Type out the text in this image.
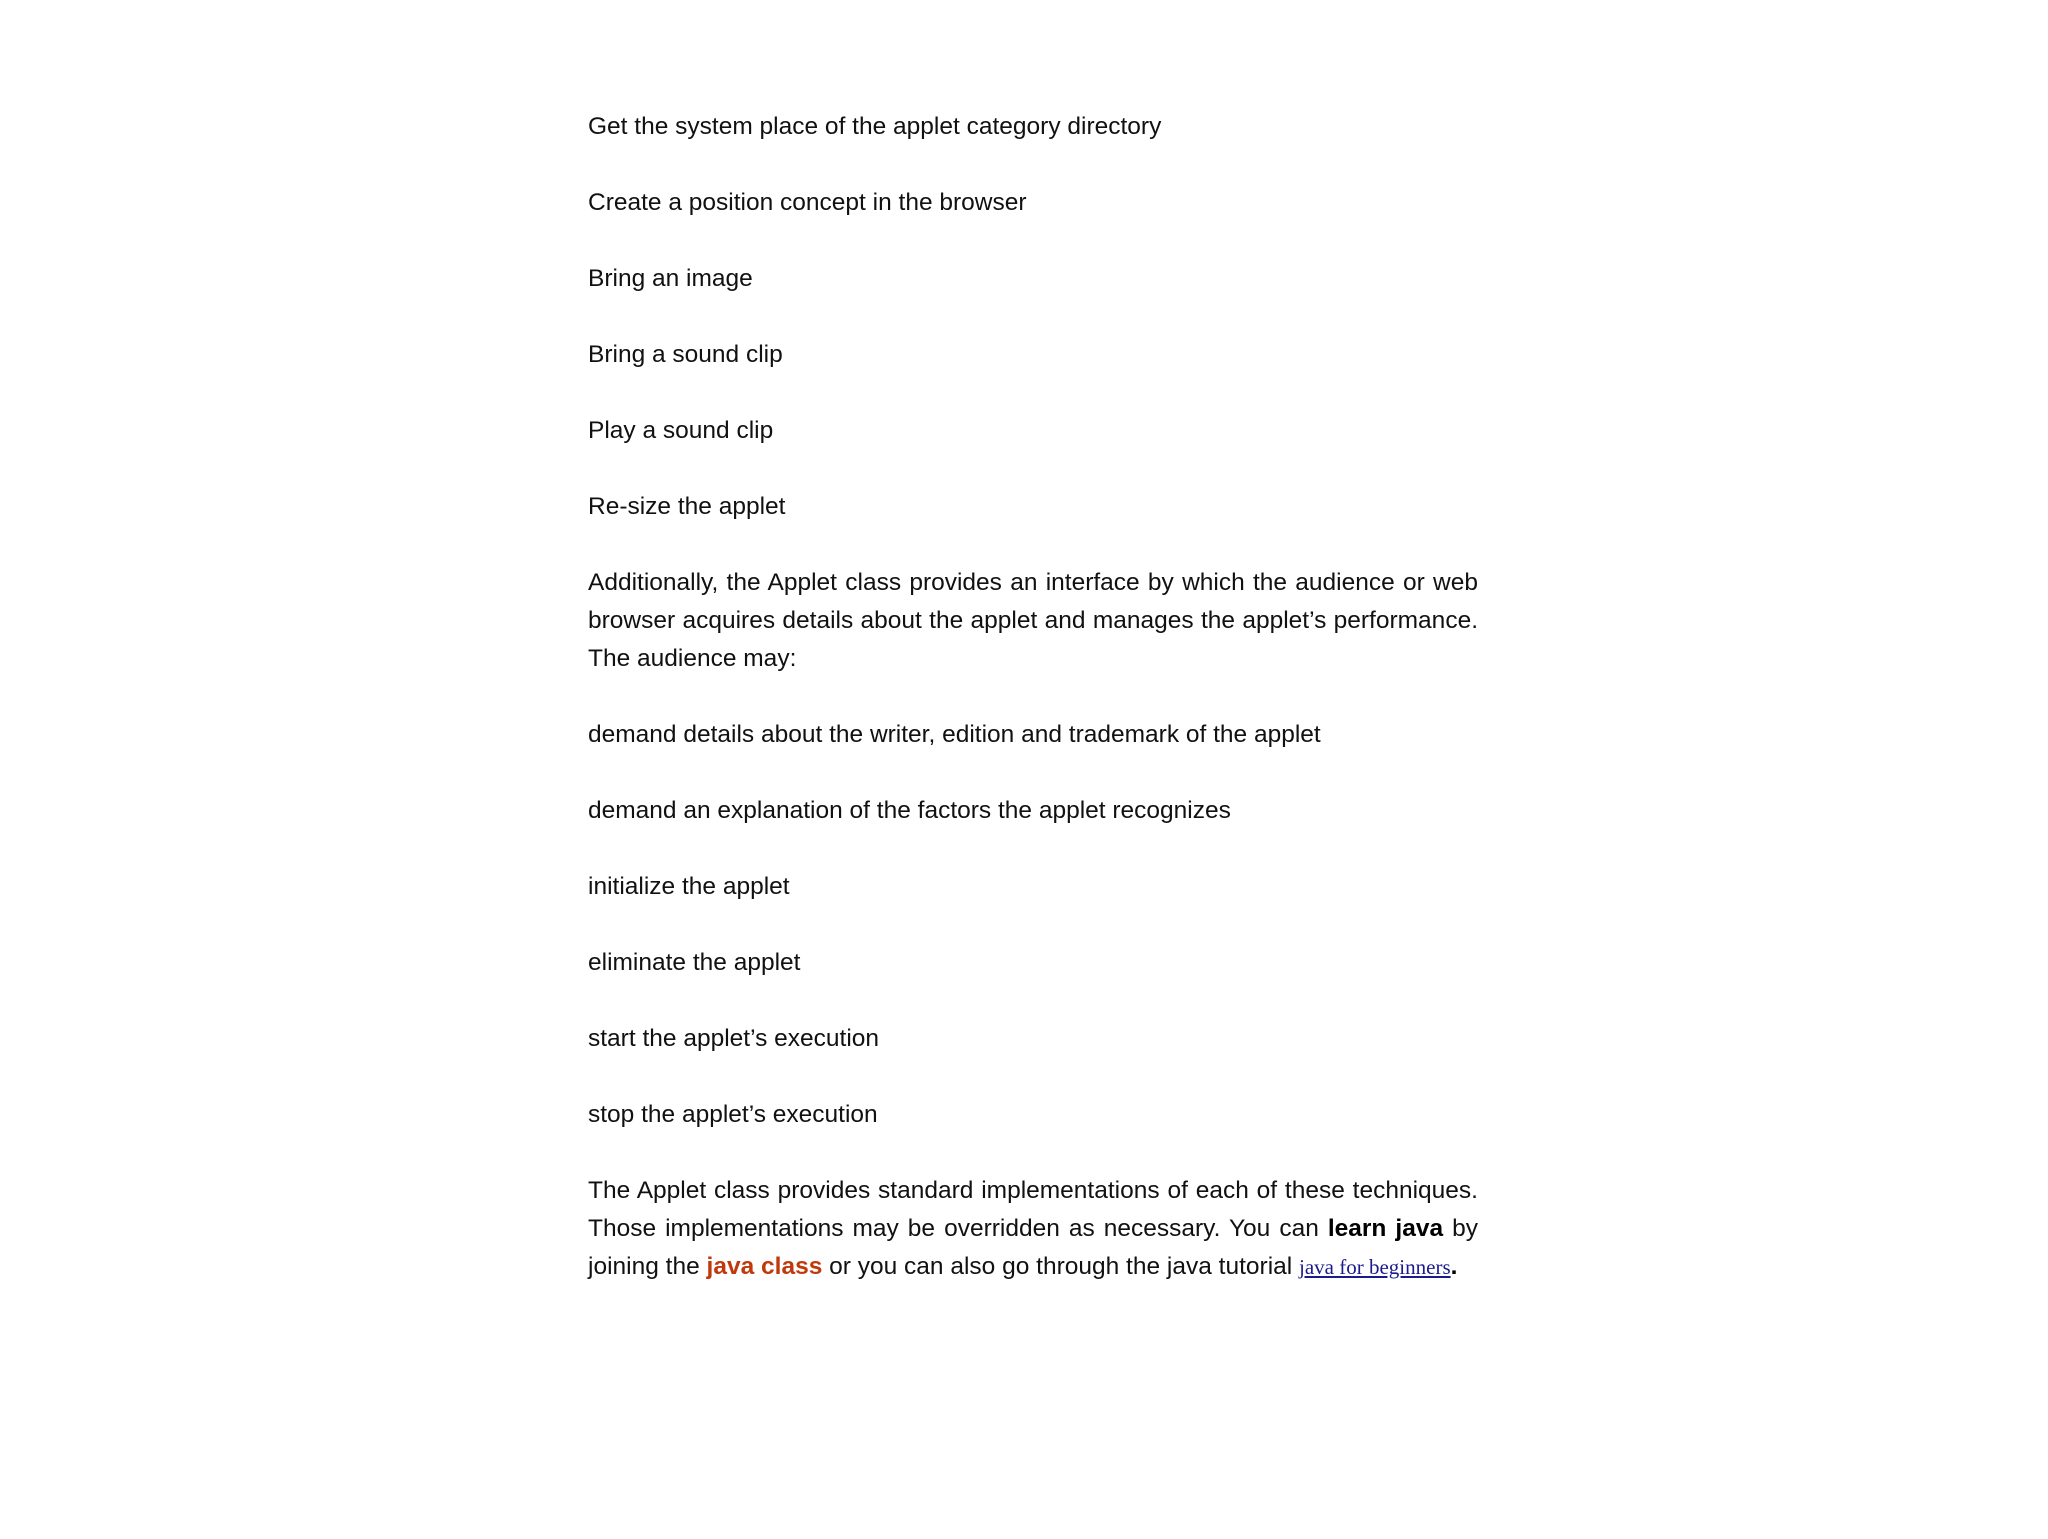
Get the system place of the applet category directory

Create a position concept in the browser

Bring an image

Bring a sound clip

Play a sound clip

Re-size the applet

Additionally, the Applet class provides an interface by which the audience or web browser acquires details about the applet and manages the applet’s performance. The audience may:

demand details about the writer, edition and trademark of the applet

demand an explanation of the factors the applet recognizes

initialize the applet

eliminate the applet

start the applet’s execution

stop the applet’s execution

The Applet class provides standard implementations of each of these techniques. Those implementations may be overridden as necessary. You can learn java by joining the java class or you can also go through the java tutorial java for beginners.
